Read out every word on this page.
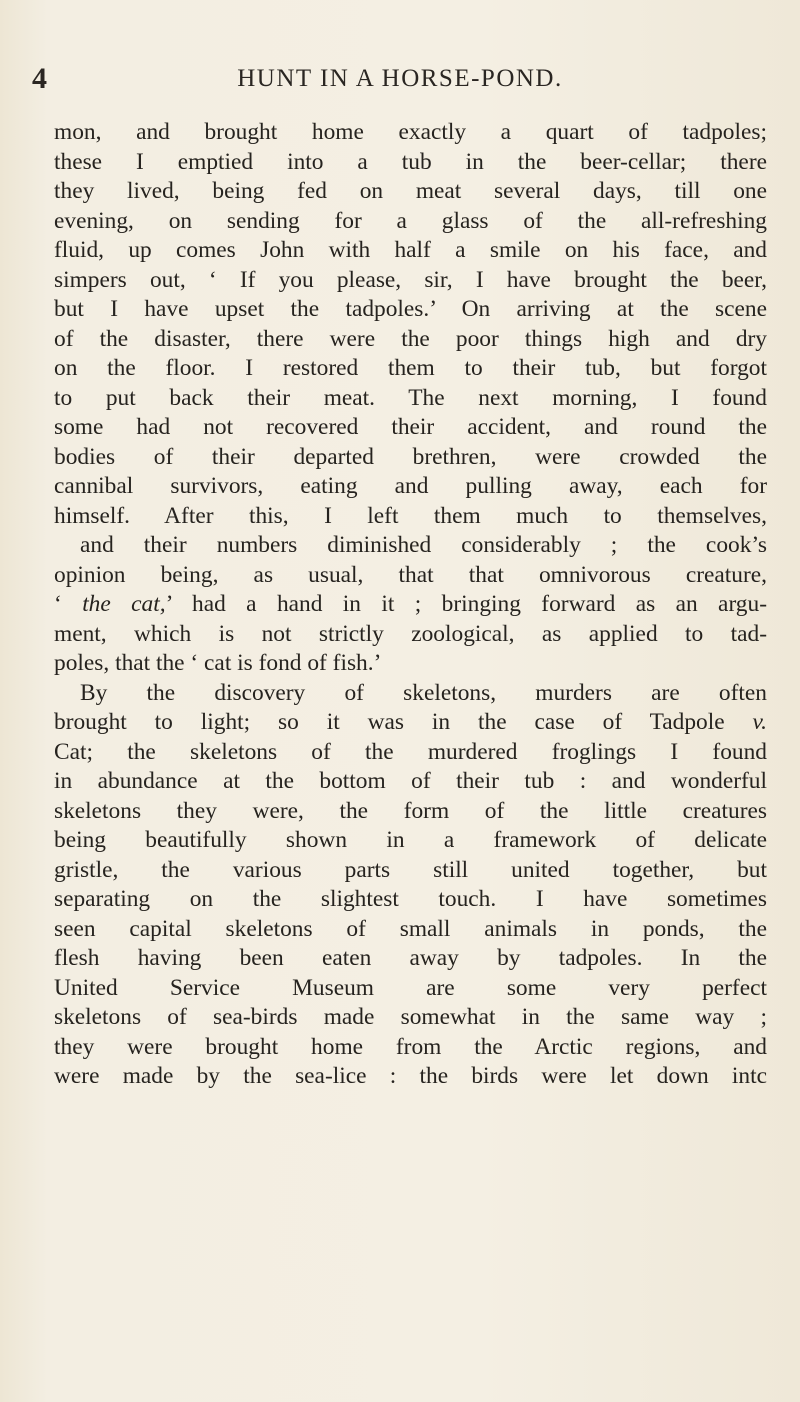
4	HUNT IN A HORSE-POND.
mon, and brought home exactly a quart of tadpoles;
these I emptied into a tub in the beer-cellar; there
they lived, being fed on meat several days, till one
evening, on sending for a glass of the all-refreshing
fluid, up comes John with half a smile on his face, and
simpers out, ‘ If you please, sir, I have brought the beer,
but I have upset the tadpoles.’ On arriving at the scene
of the disaster, there were the poor things high and dry
on the floor. I restored them to their tub, but forgot
to put back their meat. The next morning, I found
some had not recovered their accident, and round the
bodies of their departed brethren, were crowded the
cannibal survivors, eating and pulling away, each for
himself. After this, I left them much to themselves,
and their numbers diminished considerably ; the cook’s
opinion being, as usual, that that omnivorous creature,
‘ the cat,’ had a hand in it ; bringing forward as an argu-
ment, which is not strictly zoological, as applied to tad-
poles, that the ‘ cat is fond of fish.’
By the discovery of skeletons, murders are often
brought to light; so it was in the case of Tadpole v.
Cat; the skeletons of the murdered froglings I found
in abundance at the bottom of their tub : and wonderful
skeletons they were, the form of the little creatures
being beautifully shown in a framework of delicate
gristle, the various parts still united together, but
separating on the slightest touch. I have sometimes
seen capital skeletons of small animals in ponds, the
flesh having been eaten away by tadpoles. In the
United Service Museum are some very perfect
skeletons of sea-birds made somewhat in the same way ;
they were brought home from the Arctic regions, and
were made by the sea-lice : the birds were let down intc
